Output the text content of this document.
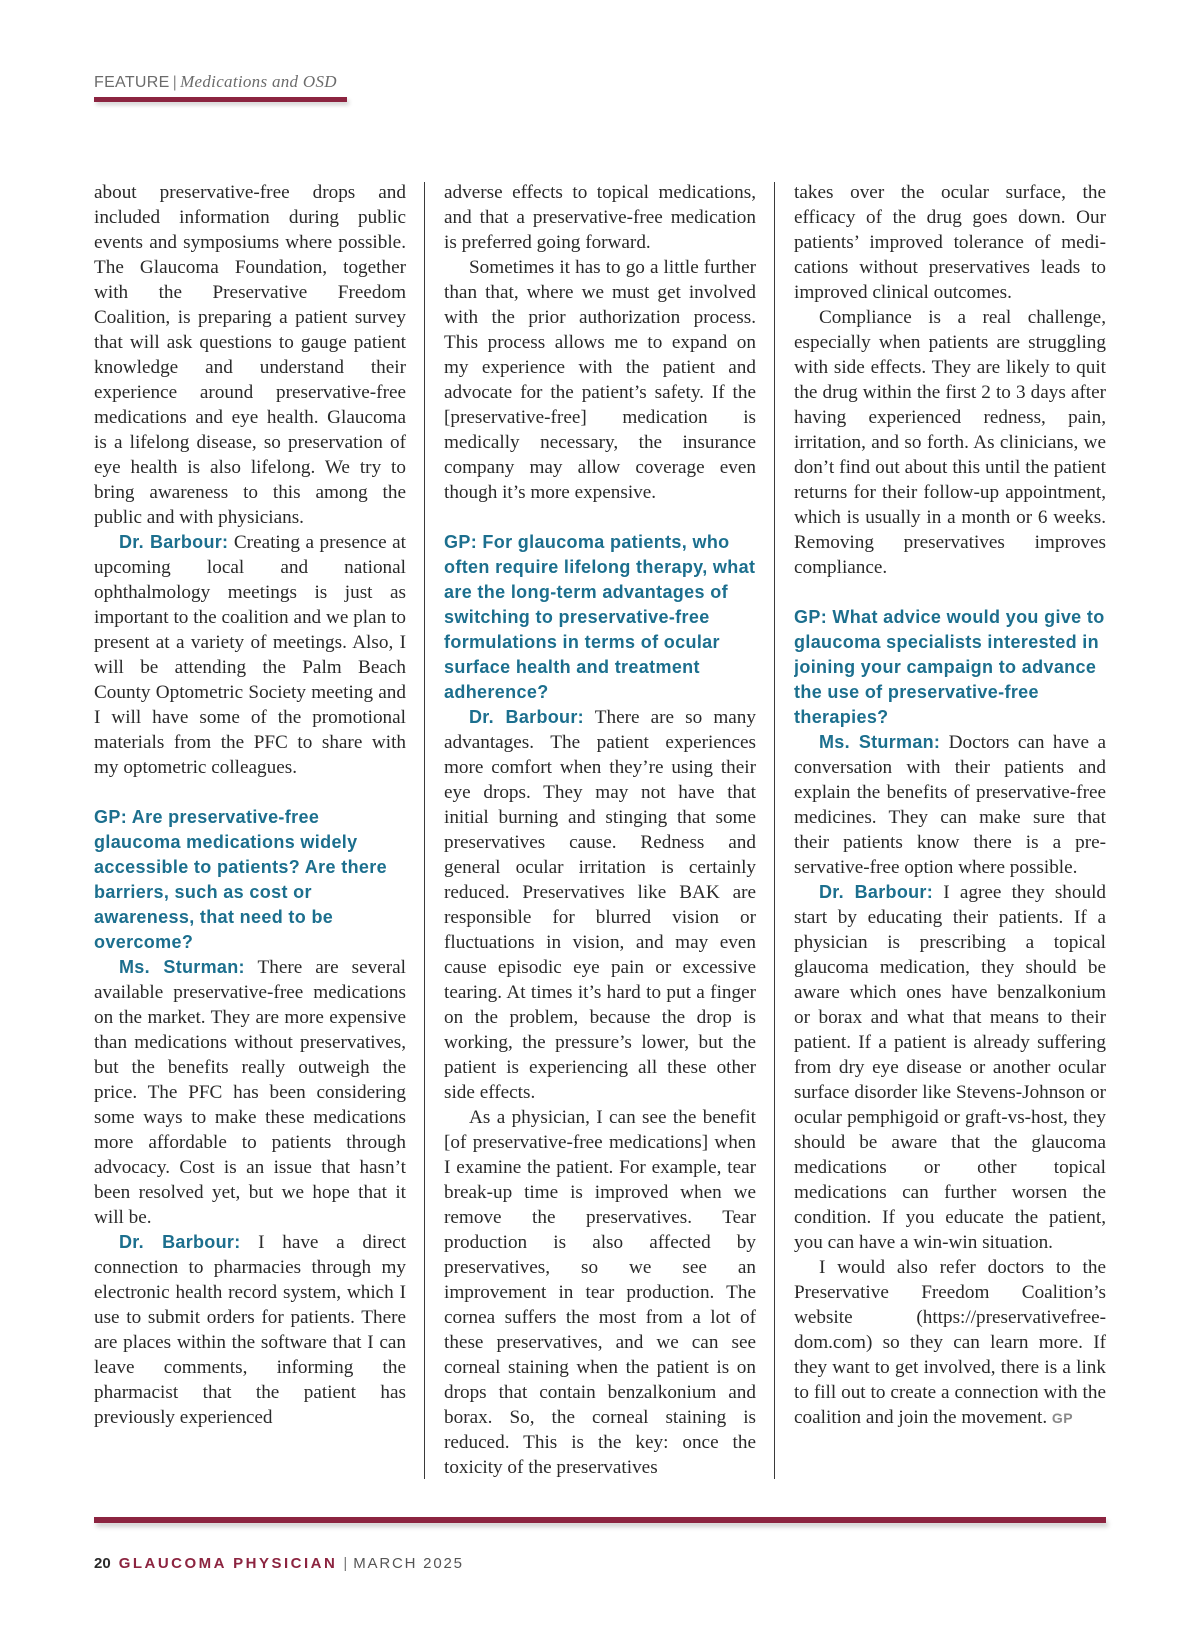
FEATURE | Medications and OSD

about preservative-free drops and included information during public events and symposiums where possible. The Glaucoma Foundation, together with the Preservative Freedom Coalition, is preparing a patient survey that will ask questions to gauge patient knowledge and understand their experience around preservative-free medications and eye health. Glaucoma is a lifelong disease, so preservation of eye health is also lifelong. We try to bring awareness to this among the public and with physicians.

Dr. Barbour: Creating a presence at upcoming local and national ophthalmology meetings is just as important to the coalition and we plan to present at a variety of meetings. Also, I will be attending the Palm Beach County Optometric Society meeting and I will have some of the promotional materials from the PFC to share with my optometric colleagues.

GP: Are preservative-free glaucoma medications widely accessible to patients? Are there barriers, such as cost or awareness, that need to be overcome?

Ms. Sturman: There are several available preservative-free medications on the market. They are more expensive than medications without preservatives, but the benefits really outweigh the price. The PFC has been considering some ways to make these medications more affordable to patients through advocacy. Cost is an issue that hasn’t been resolved yet, but we hope that it will be.

Dr. Barbour: I have a direct connection to pharmacies through my electronic health record system, which I use to submit orders for patients. There are places within the software that I can leave comments, informing the pharmacist that the patient has previously experienced

adverse effects to topical medications, and that a preservative-free medication is preferred going forward.

Sometimes it has to go a little further than that, where we must get involved with the prior authorization process. This process allows me to expand on my experience with the patient and advocate for the patient’s safety. If the [preservative-free] medication is medically necessary, the insurance company may allow coverage even though it’s more expensive.

GP: For glaucoma patients, who often require lifelong therapy, what are the long-term advantages of switching to preservative-free formulations in terms of ocular surface health and treatment adherence?

Dr. Barbour: There are so many advantages. The patient experiences more comfort when they’re using their eye drops. They may not have that initial burning and stinging that some preservatives cause. Redness and general ocular irritation is certainly reduced. Preservatives like BAK are responsible for blurred vision or fluctuations in vision, and may even cause episodic eye pain or excessive tearing. At times it’s hard to put a finger on the problem, because the drop is working, the pressure’s lower, but the patient is experiencing all these other side effects.

As a physician, I can see the benefit [of preservative-free medications] when I examine the patient. For example, tear break-up time is improved when we remove the preservatives. Tear production is also affected by preservatives, so we see an improvement in tear production. The cornea suffers the most from a lot of these preservatives, and we can see corneal staining when the patient is on drops that contain benzalkonium and borax. So, the corneal staining is reduced. This is the key: once the toxicity of the preservatives

takes over the ocular surface, the efficacy of the drug goes down. Our patients’ improved tolerance of medications without preservatives leads to improved clinical outcomes.

Compliance is a real challenge, especially when patients are struggling with side effects. They are likely to quit the drug within the first 2 to 3 days after having experienced redness, pain, irritation, and so forth. As clinicians, we don’t find out about this until the patient returns for their follow-up appointment, which is usually in a month or 6 weeks. Removing preservatives improves compliance.

GP: What advice would you give to glaucoma specialists interested in joining your campaign to advance the use of preservative-free therapies?

Ms. Sturman: Doctors can have a conversation with their patients and explain the benefits of preservative-free medicines. They can make sure that their patients know there is a preservative-free option where possible.

Dr. Barbour: I agree they should start by educating their patients. If a physician is prescribing a topical glaucoma medication, they should be aware which ones have benzalkonium or borax and what that means to their patient. If a patient is already suffering from dry eye disease or another ocular surface disorder like Stevens-Johnson or ocular pemphigoid or graft-vs-host, they should be aware that the glaucoma medications or other topical medications can further worsen the condition. If you educate the patient, you can have a win-win situation.

I would also refer doctors to the Preservative Freedom Coalition’s website (https://preservativefreedom.com) so they can learn more. If they want to get involved, there is a link to fill out to create a connection with the coalition and join the movement. GP

20 GLAUCOMA PHYSICIAN | MARCH 2025
